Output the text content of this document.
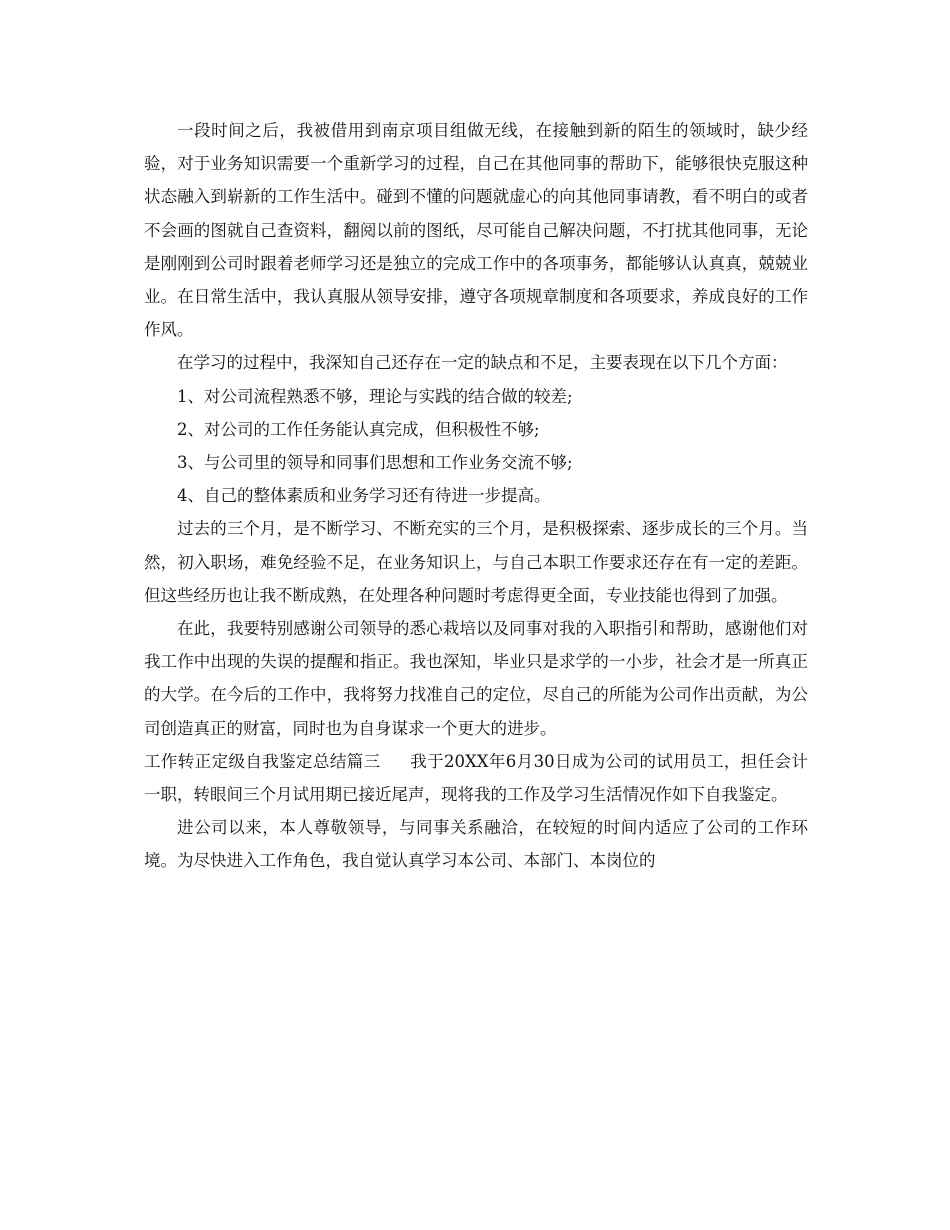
一段时间之后，我被借用到南京项目组做无线，在接触到新的陌生的领域时，缺少经验，对于业务知识需要一个重新学习的过程，自己在其他同事的帮助下，能够很快克服这种状态融入到崭新的工作生活中。碰到不懂的问题就虚心的向其他同事请教，看不明白的或者不会画的图就自己查资料，翻阅以前的图纸，尽可能自己解决问题，不打扰其他同事，无论是刚刚到公司时跟着老师学习还是独立的完成工作中的各项事务，都能够认认真真，兢兢业业。在日常生活中，我认真服从领导安排，遵守各项规章制度和各项要求，养成良好的工作作风。

在学习的过程中，我深知自己还存在一定的缺点和不足，主要表现在以下几个方面：

1、对公司流程熟悉不够，理论与实践的结合做的较差;

2、对公司的工作任务能认真完成，但积极性不够;

3、与公司里的领导和同事们思想和工作业务交流不够;

4、自己的整体素质和业务学习还有待进一步提高。

过去的三个月，是不断学习、不断充实的三个月，是积极探索、逐步成长的三个月。当然，初入职场，难免经验不足，在业务知识上，与自己本职工作要求还存在有一定的差距。但这些经历也让我不断成熟，在处理各种问题时考虑得更全面，专业技能也得到了加强。

在此，我要特别感谢公司领导的悉心栽培以及同事对我的入职指引和帮助，感谢他们对我工作中出现的失误的提醒和指正。我也深知，毕业只是求学的一小步，社会才是一所真正的大学。在今后的工作中，我将努力找准自己的定位，尽自己的所能为公司作出贡献，为公司创造真正的财富，同时也为自身谋求一个更大的进步。

工作转正定级自我鉴定总结篇三 我于20XX年6月30日成为公司的试用员工，担任会计一职，转眼间三个月试用期已接近尾声，现将我的工作及学习生活情况作如下自我鉴定。

进公司以来，本人尊敬领导，与同事关系融洽，在较短的时间内适应了公司的工作环境。为尽快进入工作角色，我自觉认真学习本公司、本部门、本岗位的
